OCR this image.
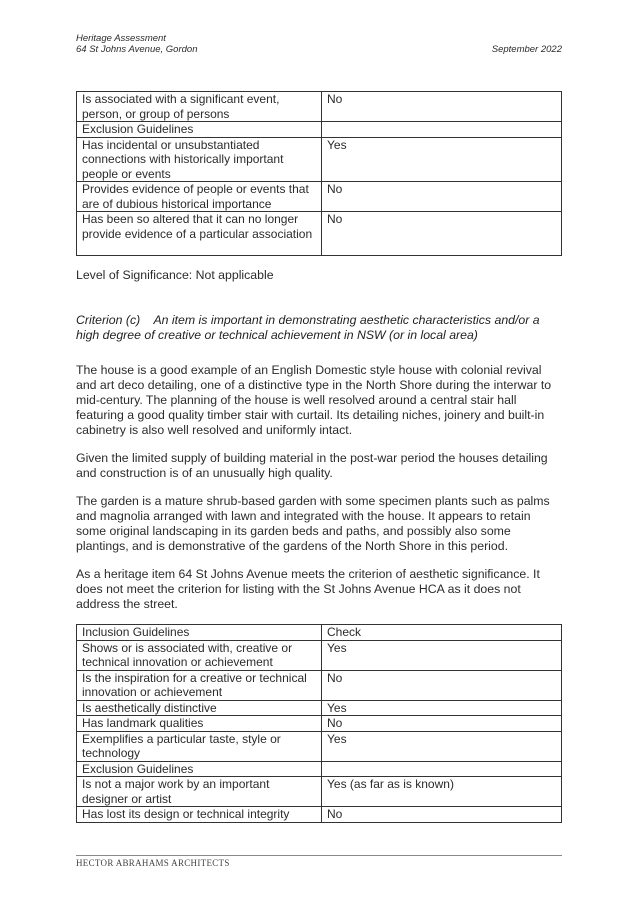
Heritage Assessment
64 St Johns Avenue, Gordon	September 2022
Is associated with a significant event, person, or group of persons	No
Exclusion Guidelines	
Has incidental or unsubstantiated connections with historically important people or events	Yes
Provides evidence of people or events that are of dubious historical importance	No
Has been so altered that it can no longer provide evidence of a particular association	No
Level of Significance: Not applicable
Criterion (c) An item is important in demonstrating aesthetic characteristics and/or a high degree of creative or technical achievement in NSW (or in local area)
The house is a good example of an English Domestic style house with colonial revival and art deco detailing, one of a distinctive type in the North Shore during the interwar to mid-century. The planning of the house is well resolved around a central stair hall featuring a good quality timber stair with curtail. Its detailing niches, joinery and built-in cabinetry is also well resolved and uniformly intact.
Given the limited supply of building material in the post-war period the houses detailing and construction is of an unusually high quality.
The garden is a mature shrub-based garden with some specimen plants such as palms and magnolia arranged with lawn and integrated with the house. It appears to retain some original landscaping in its garden beds and paths, and possibly also some plantings, and is demonstrative of the gardens of the North Shore in this period.
As a heritage item 64 St Johns Avenue meets the criterion of aesthetic significance. It does not meet the criterion for listing with the St Johns Avenue HCA as it does not address the street.
Inclusion Guidelines	Check
Shows or is associated with, creative or technical innovation or achievement	Yes
Is the inspiration for a creative or technical innovation or achievement	No
Is aesthetically distinctive	Yes
Has landmark qualities	No
Exemplifies a particular taste, style or technology	Yes
Exclusion Guidelines	
Is not a major work by an important designer or artist	Yes (as far as is known)
Has lost its design or technical integrity	No
HECTOR ABRAHAMS ARCHITECTS
